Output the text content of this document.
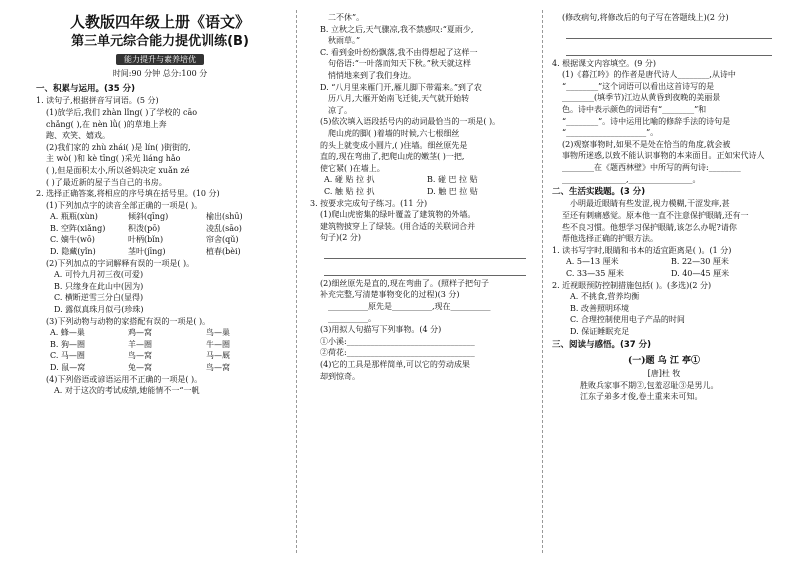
人教版四年级上册《语文》
第三单元综合能力提优训练(B)
能力提升与素养培优
时间:90 分钟 总分:100 分
一、积累与运用。(35 分)
1. 读句子,根据拼音写词语。(5 分)
(1)放学后,我们 zhàn lǐng( )了学校的 cāo
chǎng( ),在 nèn lǜ( )的草地上奔
跑、欢笑、嬉戏。
(2)我们家的 zhù zhái( )是 lín( )街街的,
主 wò( )和 kè tīng( )采光 liáng hǎo
( ),但是面积太小,所以爸妈决定 xuǎn zé
( )了最近新的屋子当自己的书房。
2. 选择正确答案,将相应的序号填在括号里。(10 分)
(1)下列加点字的读音全部正确的一项是( )。
A. 瓶瓶(xùn)	倾斜(qīng)	榆出(shū)
B. 空阵(xiǎng)	积泼(pō)	凌乱(sāo)
C. 嫡牛(wō)	叶柄(bǐn)	帘舍(qǔ)
D. 隐藏(yǐn)	茎叶(jīng)	植春(bèi)
(2)下列加点的字词解释有误的一项是( )。
A. 可怜九月初三夜(可爱)
B. 只缘身在此山中(因为)
C. 横断逆雪三分白(显得)
D. 露似真珠月似弓(珍珠)
(3)下列动物与动物的家搭配有误的一项是( )。
A. 蜂—巢	鸡—窝	鸟—巢
B. 狗—圈	羊—圈	牛—圈
C. 马—圈	鸟—窝	马—厩
D. 鼠—窝	兔—窝	鸟—窝
(4)下列俗语或谚语运用不正确的一项是( )。
A. 对于这次的考试成绩,她能情不一“一帆
二不休”。
B. 立秋之后,天气骤凉,我不禁感叹:“夏雨少,
秋雨草。”
C. 看到金叶纷纷飘落,我不由得想起了这样一
句俗语:“一叶落而知天下秋。”秋天就这样
悄悄地来到了我们身边。
D. “八月里来雁门开,雁儿脚下带霜来。”到了农
历八月,大雁开始南飞迁徙,天气就开始转
凉了。
(5)依次填入语段括号内的动词最恰当的一项是( )。
爬山虎的脚( )着墙的时候,六七根细丝
的头上就变成小圆片,( )住墙。细丝原先是
直的,现在弯曲了,把爬山虎的嫩茎( )一把,
使它紧( )在墙上。
A. 碰 贴 拉 扒	B. 碰 巴 拉 贴
C. 触 贴 拉 扒	D. 触 巴 拉 贴
3. 按要求完成句子练习。(11 分)
(1)爬山虎密集的绿叶覆盖了建筑物的外墙。
建筑物披穿上了绿装。(用合适的关联词合并
句子)(2 分)
(2)细丝原先是直的,现在弯曲了。(照样子把句子
补充完整,写清楚事物变化的过程)(3 分)
__________原先是__________,现在__________
__________。
(3)用拟人句描写下列事物。(4 分)
①小溪:________________________________
②荷花:________________________________
(4)它的工具是那样简单,可以它的劳动成果
却到惊奇。
(修改病句,将修改后的句子写在答题线上)(2 分)
4. 根据课文内容填空。(9 分)
(1)《暮江吟》的作者是唐代诗人________,从诗中
“________”这个词语可以看出这首诗写的是
________(填季节)江边从黄昏到夜晚的美丽景
色。诗中表示颜色的词语有“________”和
“________”。诗中运用比喻的修辞手法的诗句是
“____________________”。
(2)观察事物时,如果不是处在恰当的角度,就会被
事物所迷惑,以致不能认识事物的本来面目。正如宋代诗人
________在《题西林壁》中所写的两句诗:________
________________,________________。
二、生活实践题。(3 分)
小明最近眼睛有些发涩,视力模糊,干涩发痒,甚
至还有刺痛感觉。原本他一直不注意保护眼睛,还有一
些不良习惯。他想学习保护眼睛,该怎么办呢?请你
帮他选择正确的护眼方法。
1. 读书写字时,眼睛和书本的适宜距离是( )。(1 分)
A. 5—13 厘米	B. 22—30 厘米
C. 33—35 厘米	D. 40—45 厘米
2. 近视眼预防控制措施包括( )。(多选)(2 分)
A. 不挑食,营养均衡
B. 改善照明环境
C. 合理控制使用电子产品的时间
D. 保证睡眠充足
三、阅读与感悟。(37 分)
(一)题 乌 江 亭①
[唐]杜 牧
胜败兵家事不期②,包羞忍耻③是男儿。
江东子弟多才俊,卷土重来未可知。
